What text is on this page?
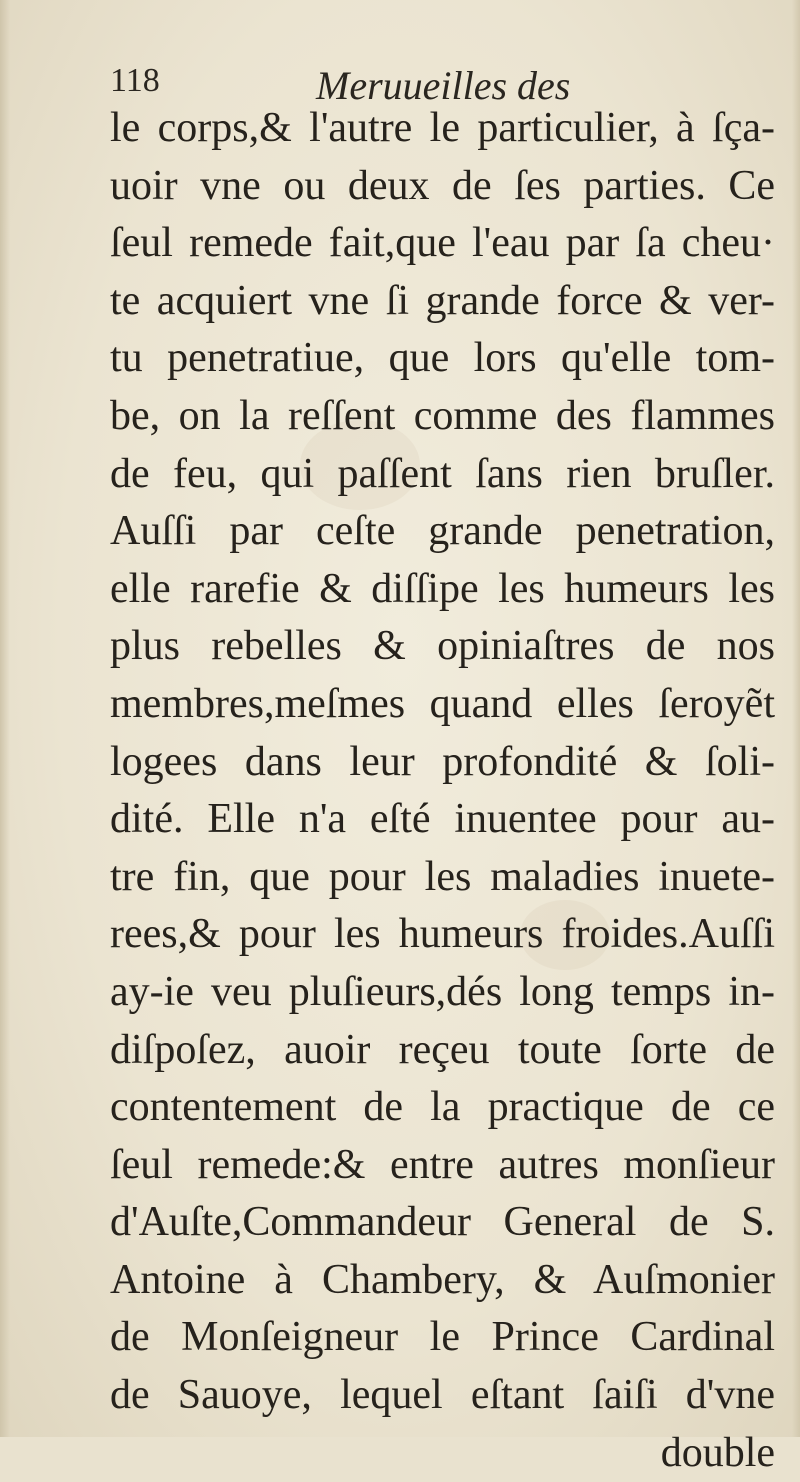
118	Meruueilles des
le corps,& l'autre le particulier, à ſça-
uoir vne ou deux de ſes parties. Ce
ſeul remede fait,que l'eau par ſa cheu·
te acquiert vne ſi grande force & ver-
tu penetratiue, que lors qu'elle tom-
be, on la reſſent comme des flammes
de feu, qui paſſent ſans rien bruſler.
Auſſi par ceſte grande penetration,
elle rarefie & diſſipe les humeurs les
plus rebelles & opiniaſtres de nos
membres,meſmes quand elles ſeroyẽt
logees dans leur profondité & ſoli-
dité. Elle n'a eſté inuentee pour au-
tre fin, que pour les maladies inuete-
rees,& pour les humeurs froides.Auſſi
ay-ie veu pluſieurs,dés long temps in-
diſpoſez, auoir reçeu toute ſorte de
contentement de la practique de ce
ſeul remede:& entre autres monſieur
d'Auſte,Commandeur General de S.
Antoine à Chambery, & Auſmonier
de Monſeigneur le Prince Cardinal
de Sauoye, lequel eſtant ſaiſi d'vne
double
